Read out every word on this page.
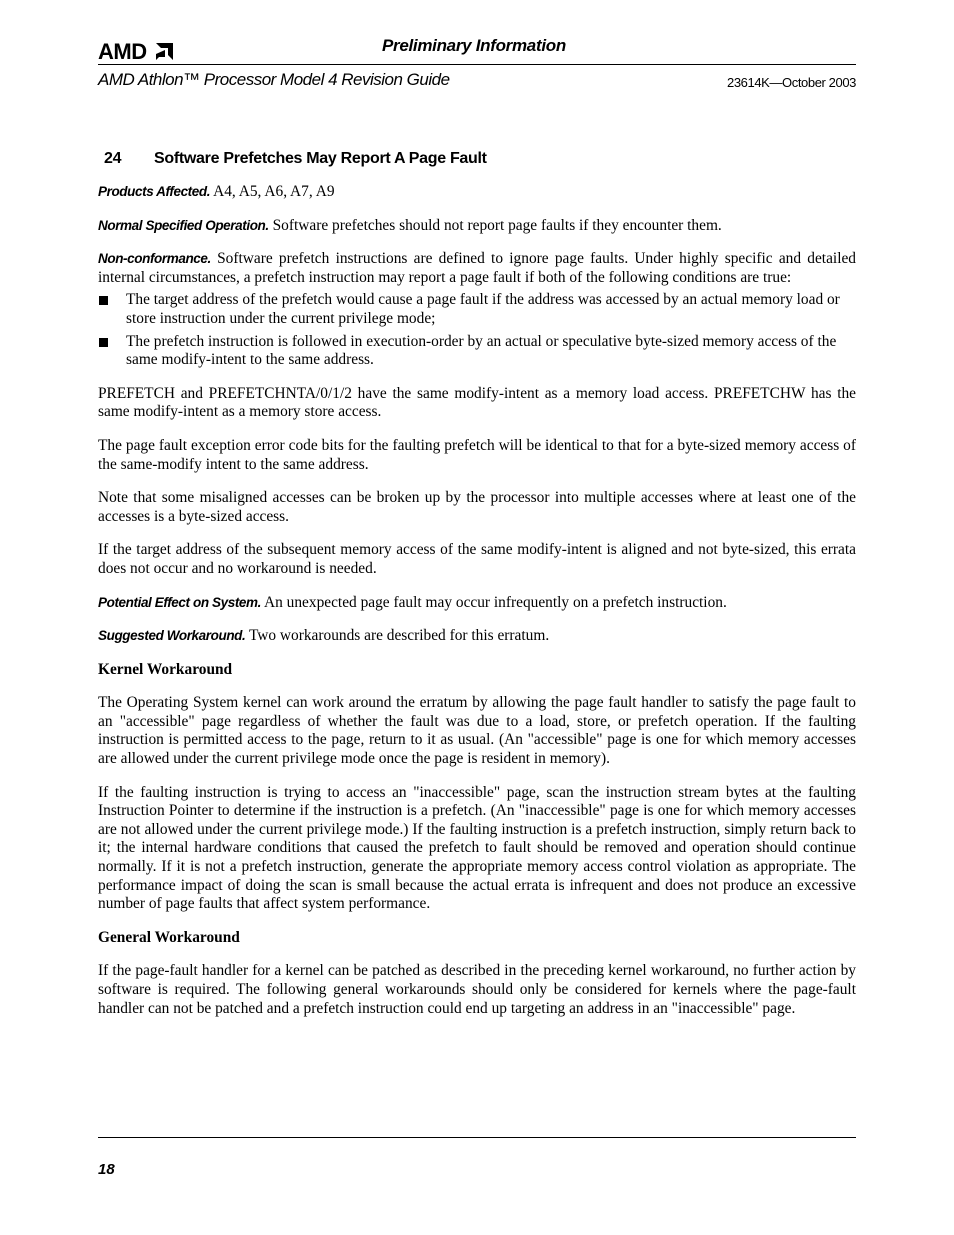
AMD	Preliminary Information
AMD Athlon™ Processor Model 4 Revision Guide	23614K—October 2003
24 Software Prefetches May Report A Page Fault

Products Affected. A4, A5, A6, A7, A9

Normal Specified Operation. Software prefetches should not report page faults if they encounter them.

Non-conformance. Software prefetch instructions are defined to ignore page faults. Under highly specific and detailed internal circumstances, a prefetch instruction may report a page fault if both of the following conditions are true:

The target address of the prefetch would cause a page fault if the address was accessed by an actual memory load or store instruction under the current privilege mode;
The prefetch instruction is followed in execution-order by an actual or speculative byte-sized memory access of the same modify-intent to the same address.

PREFETCH and PREFETCHNTA/0/1/2 have the same modify-intent as a memory load access. PREFETCHW has the same modify-intent as a memory store access.

The page fault exception error code bits for the faulting prefetch will be identical to that for a byte-sized memory access of the same-modify intent to the same address.

Note that some misaligned accesses can be broken up by the processor into multiple accesses where at least one of the accesses is a byte-sized access.

If the target address of the subsequent memory access of the same modify-intent is aligned and not byte-sized, this errata does not occur and no workaround is needed.

Potential Effect on System. An unexpected page fault may occur infrequently on a prefetch instruction.

Suggested Workaround. Two workarounds are described for this erratum.

Kernel Workaround

The Operating System kernel can work around the erratum by allowing the page fault handler to satisfy the page fault to an "accessible" page regardless of whether the fault was due to a load, store, or prefetch operation. If the faulting instruction is permitted access to the page, return to it as usual. (An "accessible" page is one for which memory accesses are allowed under the current privilege mode once the page is resident in memory).

If the faulting instruction is trying to access an "inaccessible" page, scan the instruction stream bytes at the faulting Instruction Pointer to determine if the instruction is a prefetch. (An "inaccessible" page is one for which memory accesses are not allowed under the current privilege mode.) If the faulting instruction is a prefetch instruction, simply return back to it; the internal hardware conditions that caused the prefetch to fault should be removed and operation should continue normally. If it is not a prefetch instruction, generate the appropriate memory access control violation as appropriate. The performance impact of doing the scan is small because the actual errata is infrequent and does not produce an excessive number of page faults that affect system performance.

General Workaround

If the page-fault handler for a kernel can be patched as described in the preceding kernel workaround, no further action by software is required. The following general workarounds should only be considered for kernels where the page-fault handler can not be patched and a prefetch instruction could end up targeting an address in an "inaccessible" page.

18
